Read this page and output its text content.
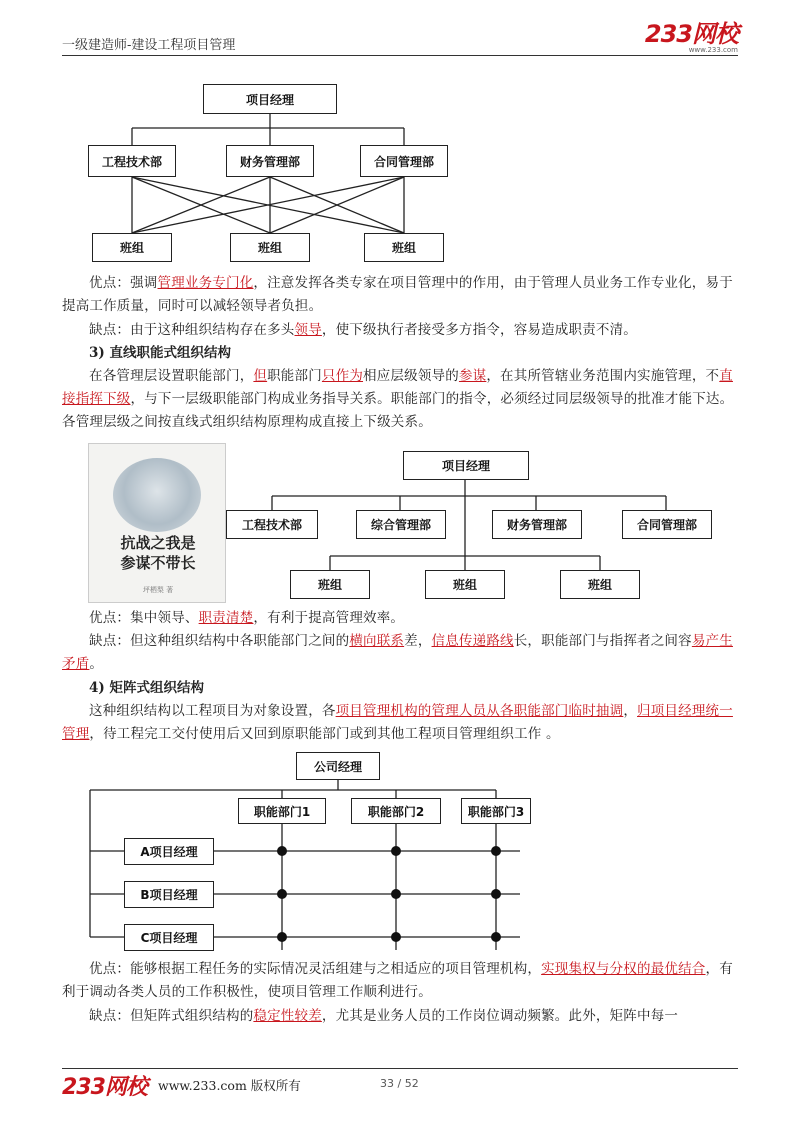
一级建造师-建设工程项目管理	233网校
www.233.com
项目经理
工程技术部	财务管理部	合同管理部
班组	班组	班组
优点：强调管理业务专门化，注意发挥各类专家在项目管理中的作用，由于管理人员业务工作专业化，易于提高工作质量，同时可以减轻领导者负担。
缺点：由于这种组织结构存在多头领导，使下级执行者接受多方指令，容易造成职责不清。
3) 直线职能式组织结构
在各管理层设置职能部门，但职能部门只作为相应层级领导的参谋，在其所管辖业务范围内实施管理，不直接指挥下级，与下一层级职能部门构成业务指导关系。职能部门的指令，必须经过同层级领导的批准才能下达。各管理层级之间按直线式组织结构原理构成直接上下级关系。
抗战之我是
参谋不带长
坪栖梨 著
项目经理
工程技术部	综合管理部	财务管理部	合同管理部
班组	班组	班组
优点：集中领导、职责清楚，有利于提高管理效率。
缺点：但这种组织结构中各职能部门之间的横向联系差，信息传递路线长，职能部门与指挥者之间容易产生矛盾。
4) 矩阵式组织结构
这种组织结构以工程项目为对象设置，各项目管理机构的管理人员从各职能部门临时抽调，归项目经理统一管理，待工程完工交付使用后又回到原职能部门或到其他工程项目管理组织工作 。
公司经理
职能部门1	职能部门2	职能部门3
A项目经理
B项目经理
C项目经理
优点：能够根据工程任务的实际情况灵活组建与之相适应的项目管理机构，实现集权与分权的最优结合，有利于调动各类人员的工作积极性，使项目管理工作顺利进行。
缺点：但矩阵式组织结构的稳定性较差，尤其是业务人员的工作岗位调动频繁。此外，矩阵中每一
233网校 www.233.com 版权所有	33 / 52
